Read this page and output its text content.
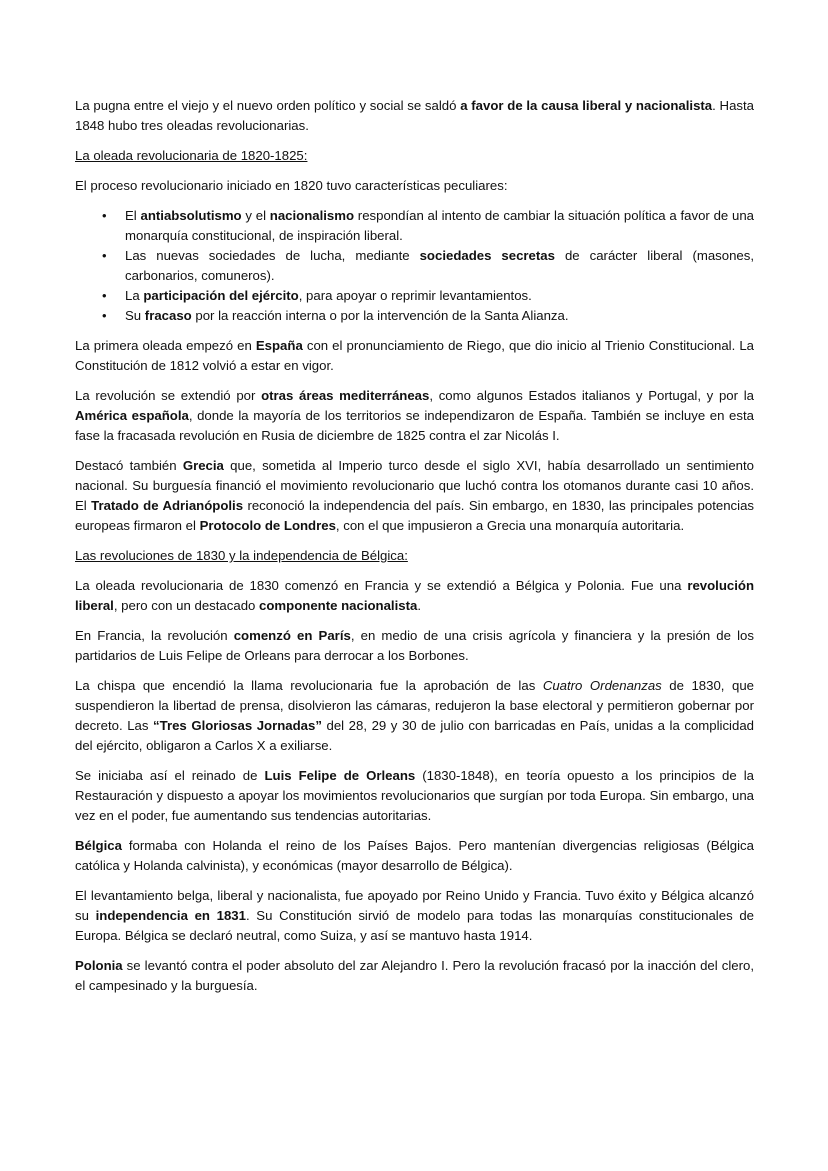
La pugna entre el viejo y el nuevo orden político y social se saldó a favor de la causa liberal y nacionalista. Hasta 1848 hubo tres oleadas revolucionarias.

La oleada revolucionaria de 1820-1825:

El proceso revolucionario iniciado en 1820 tuvo características peculiares:

• El antiabsolutismo y el nacionalismo respondían al intento de cambiar la situación política a favor de una monarquía constitucional, de inspiración liberal.
• Las nuevas sociedades de lucha, mediante sociedades secretas de carácter liberal (masones, carbonarios, comuneros).
• La participación del ejército, para apoyar o reprimir levantamientos.
• Su fracaso por la reacción interna o por la intervención de la Santa Alianza.

La primera oleada empezó en España con el pronunciamiento de Riego, que dio inicio al Trienio Constitucional. La Constitución de 1812 volvió a estar en vigor.

La revolución se extendió por otras áreas mediterráneas, como algunos Estados italianos y Portugal, y por la América española, donde la mayoría de los territorios se independizaron de España. También se incluye en esta fase la fracasada revolución en Rusia de diciembre de 1825 contra el zar Nicolás I.

Destacó también Grecia que, sometida al Imperio turco desde el siglo XVI, había desarrollado un sentimiento nacional. Su burguesía financió el movimiento revolucionario que luchó contra los otomanos durante casi 10 años. El Tratado de Adrianópolis reconoció la independencia del país. Sin embargo, en 1830, las principales potencias europeas firmaron el Protocolo de Londres, con el que impusieron a Grecia una monarquía autoritaria.

Las revoluciones de 1830 y la independencia de Bélgica:

La oleada revolucionaria de 1830 comenzó en Francia y se extendió a Bélgica y Polonia. Fue una revolución liberal, pero con un destacado componente nacionalista.

En Francia, la revolución comenzó en París, en medio de una crisis agrícola y financiera y la presión de los partidarios de Luis Felipe de Orleans para derrocar a los Borbones.

La chispa que encendió la llama revolucionaria fue la aprobación de las Cuatro Ordenanzas de 1830, que suspendieron la libertad de prensa, disolvieron las cámaras, redujeron la base electoral y permitieron gobernar por decreto. Las “Tres Gloriosas Jornadas” del 28, 29 y 30 de julio con barricadas en País, unidas a la complicidad del ejército, obligaron a Carlos X a exiliarse.

Se iniciaba así el reinado de Luis Felipe de Orleans (1830-1848), en teoría opuesto a los principios de la Restauración y dispuesto a apoyar los movimientos revolucionarios que surgían por toda Europa. Sin embargo, una vez en el poder, fue aumentando sus tendencias autoritarias.

Bélgica formaba con Holanda el reino de los Países Bajos. Pero mantenían divergencias religiosas (Bélgica católica y Holanda calvinista), y económicas (mayor desarrollo de Bélgica).

El levantamiento belga, liberal y nacionalista, fue apoyado por Reino Unido y Francia. Tuvo éxito y Bélgica alcanzó su independencia en 1831. Su Constitución sirvió de modelo para todas las monarquías constitucionales de Europa. Bélgica se declaró neutral, como Suiza, y así se mantuvo hasta 1914.

Polonia se levantó contra el poder absoluto del zar Alejandro I. Pero la revolución fracasó por la inacción del clero, el campesinado y la burguesía.
